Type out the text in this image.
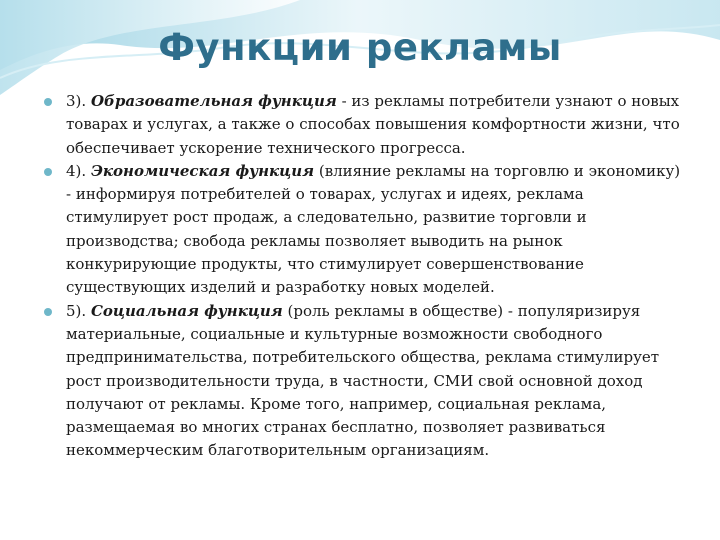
Функции рекламы
3). Образовательная функция - из рекламы потребители узнают о новых товарах и услугах, а также о способах повышения комфортности жизни, что обеспечивает ускорение технического прогресса.
4). Экономическая функция (влияние рекламы на торговлю и экономику) - информируя потребителей о товарах, услугах и идеях, реклама стимулирует рост продаж, а следовательно, развитие торговли и производства; свобода рекламы позволяет выводить на рынок конкурирующие продукты, что стимулирует совершенствование существующих изделий и разработку новых моделей.
5). Социальная функция (роль рекламы в обществе) - популяризируя материальные, социальные и культурные возможности свободного предпринимательства, потребительского общества, реклама стимулирует рост производительности труда, в частности, СМИ свой основной доход получают от рекламы. Кроме того, например, социальная реклама, размещаемая во многих странах бесплатно, позволяет развиваться некоммерческим благотворительным организациям.
